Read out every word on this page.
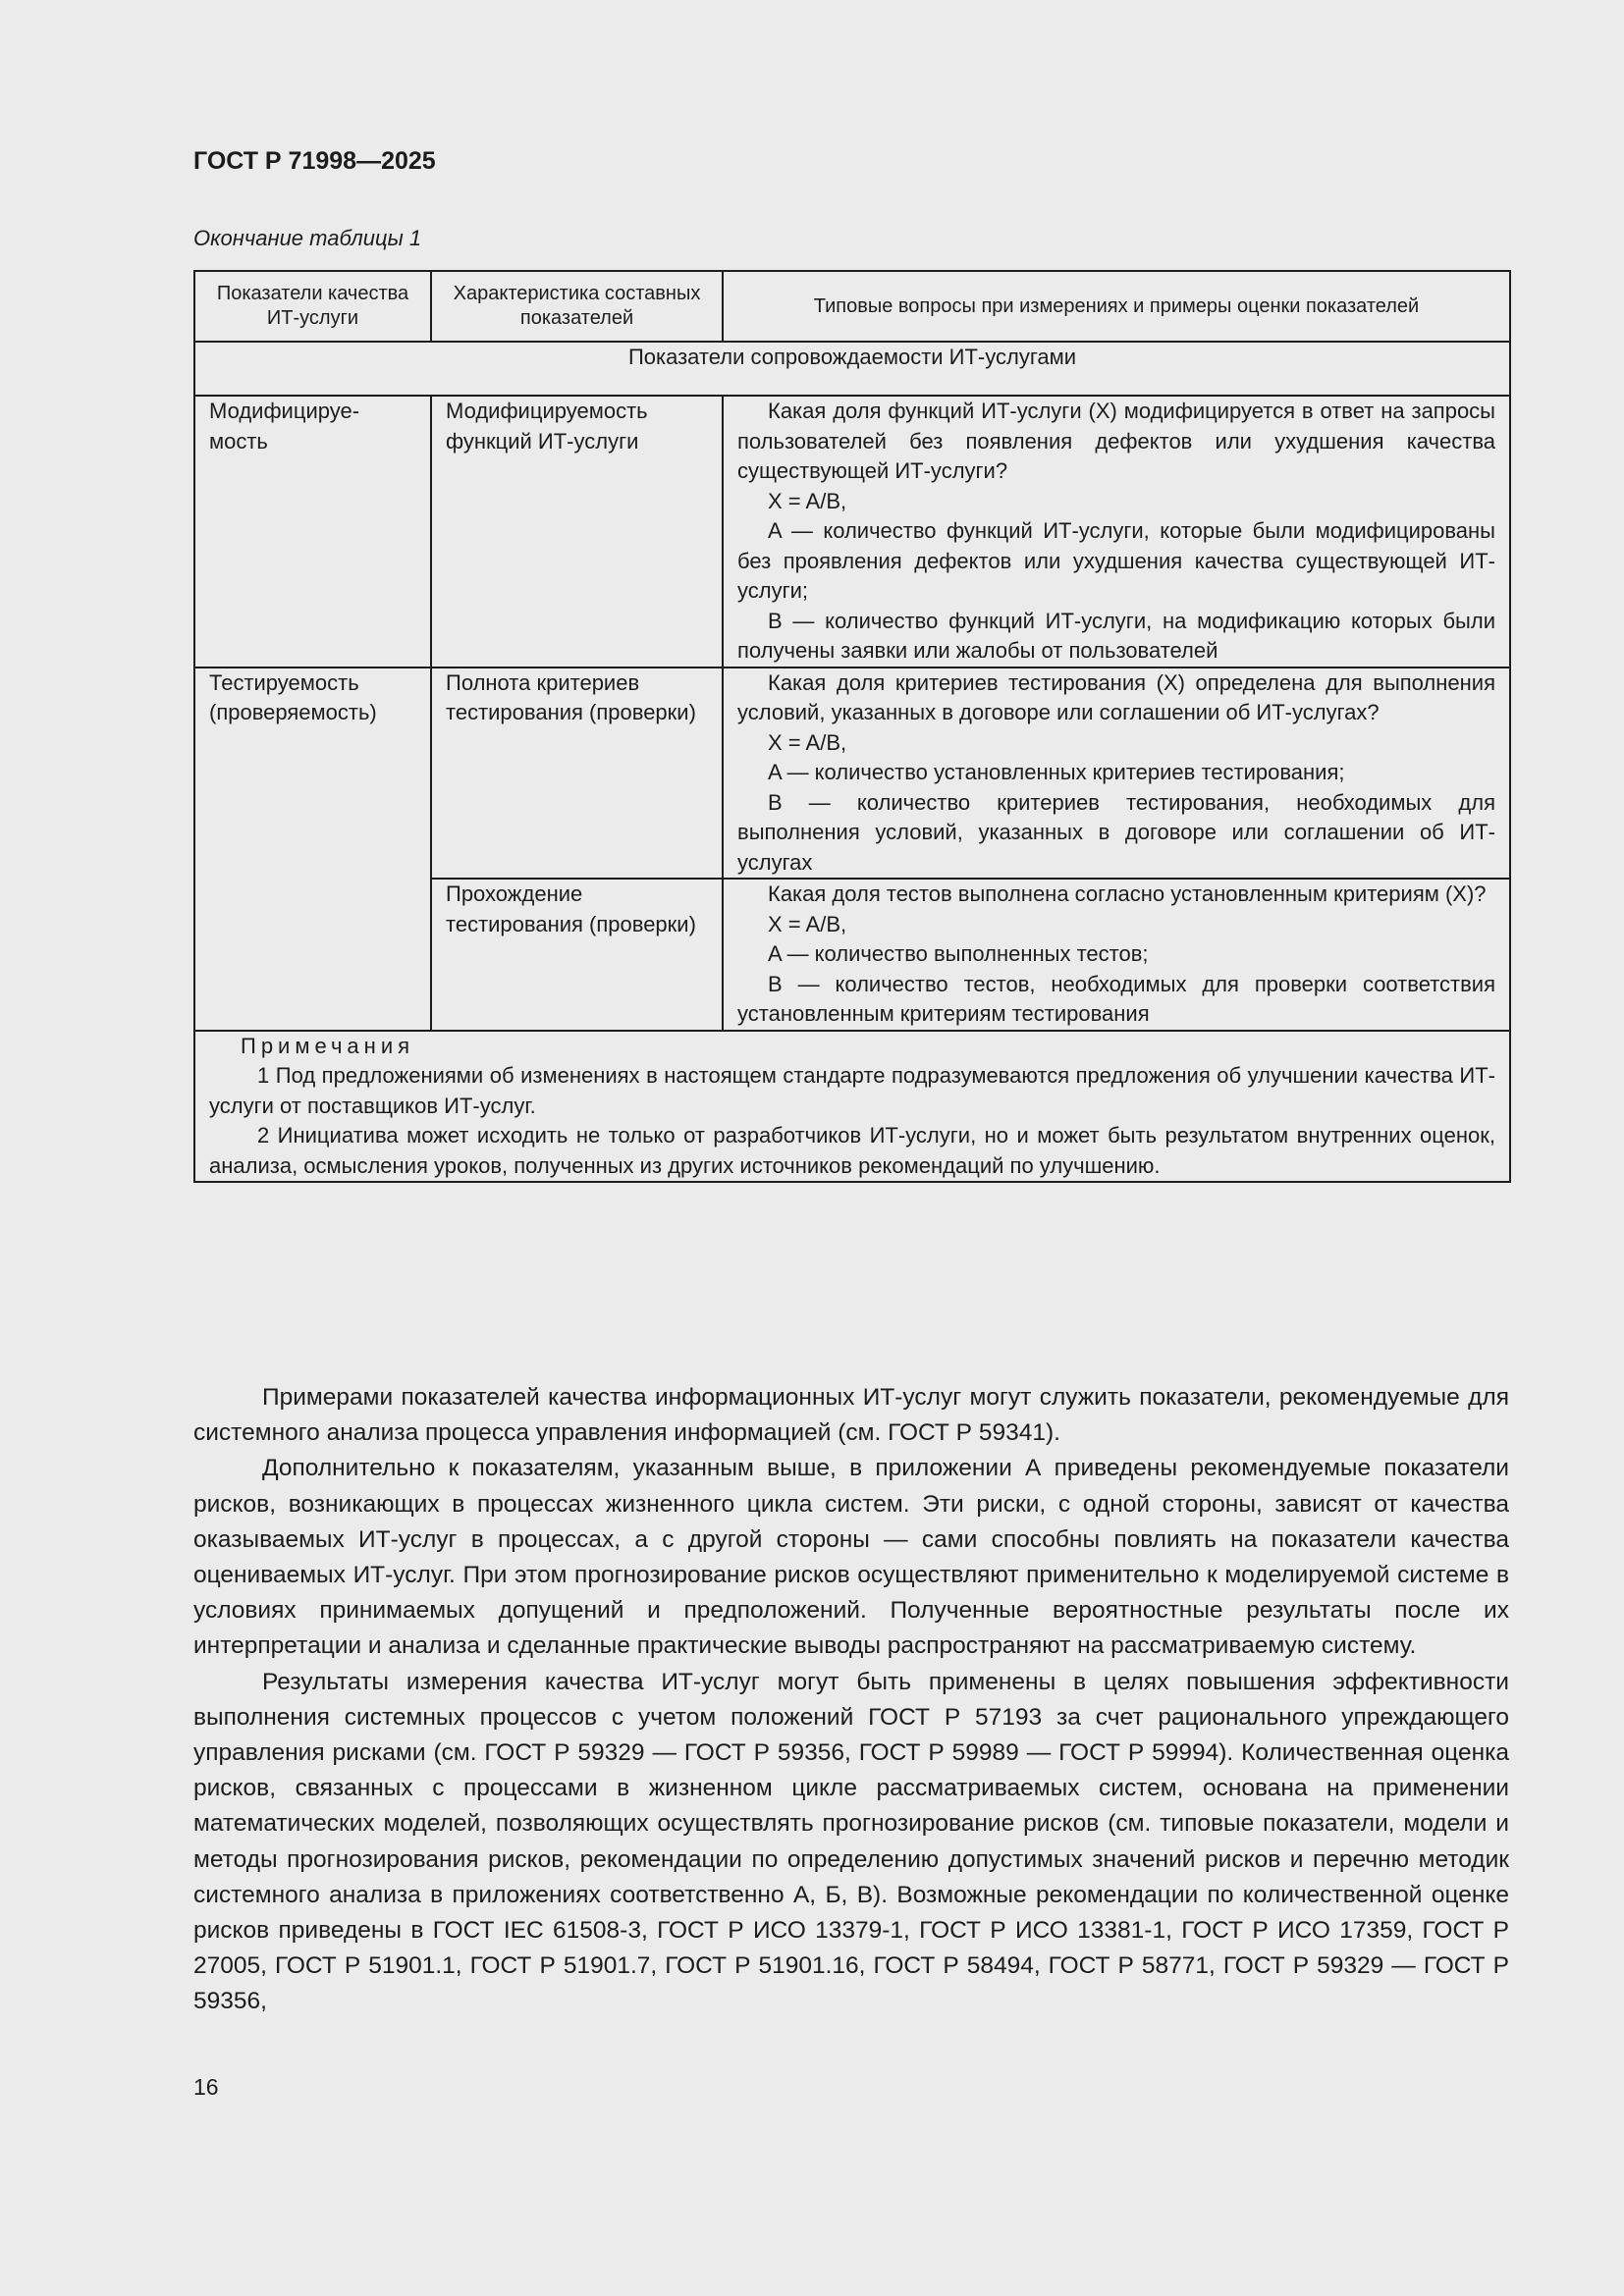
ГОСТ Р 71998—2025
Окончание таблицы 1
Показатели качества ИТ-услуги	Характеристика составных показателей	Типовые вопросы при измерениях и примеры оценки показателей
Показатели сопровождаемости ИТ-услугами		
Модифицируе-мость	Модифицируемость функций ИТ-услуги	Какая доля функций ИТ-услуги (X) модифицируется в ответ на запросы пользователей без появления дефектов или ухудшения качества существующей ИТ-услуги?

X = A/B,

A — количество функций ИТ-услуги, которые были модифицированы без проявления дефектов или ухудшения качества существующей ИТ-услуги;

B — количество функций ИТ-услуги, на модификацию которых были получены заявки или жалобы от пользователей

Тестируемость (проверяемость)	Полнота критериев тестирования (проверки)	Какая доля критериев тестирования (X) определена для выполнения условий, указанных в договоре или соглашении об ИТ-услугах?

X = A/B,

A — количество установленных критериев тестирования;

B — количество критериев тестирования, необходимых для выполнения условий, указанных в договоре или соглашении об ИТ-услугах

	Прохождение тестирования (проверки)	Какая доля тестов выполнена согласно установленным критериям (X)?

X = A/B,

A — количество выполненных тестов;

B — количество тестов, необходимых для проверки соответствия установленным критериям тестирования

Примечания

1 Под предложениями об изменениях в настоящем стандарте подразумеваются предложения об улучшении качества ИТ-услуги от поставщиков ИТ-услуг.

2 Инициатива может исходить не только от разработчиков ИТ-услуги, но и может быть результатом внутренних оценок, анализа, осмысления уроков, полученных из других источников рекомендаций по улучшению.		

Примерами показателей качества информационных ИТ-услуг могут служить показатели, рекомендуемые для системного анализа процесса управления информацией (см. ГОСТ Р 59341).

Дополнительно к показателям, указанным выше, в приложении А приведены рекомендуемые показатели рисков, возникающих в процессах жизненного цикла систем. Эти риски, с одной стороны, зависят от качества оказываемых ИТ-услуг в процессах, а с другой стороны — сами способны повлиять на показатели качества оцениваемых ИТ-услуг. При этом прогнозирование рисков осуществляют применительно к моделируемой системе в условиях принимаемых допущений и предположений. Полученные вероятностные результаты после их интерпретации и анализа и сделанные практические выводы распространяют на рассматриваемую систему.

Результаты измерения качества ИТ-услуг могут быть применены в целях повышения эффективности выполнения системных процессов с учетом положений ГОСТ Р 57193 за счет рационального упреждающего управления рисками (см. ГОСТ Р 59329 — ГОСТ Р 59356, ГОСТ Р 59989 — ГОСТ Р 59994). Количественная оценка рисков, связанных с процессами в жизненном цикле рассматриваемых систем, основана на применении математических моделей, позволяющих осуществлять прогнозирование рисков (см. типовые показатели, модели и методы прогнозирования рисков, рекомендации по определению допустимых значений рисков и перечню методик системного анализа в приложениях соответственно А, Б, В). Возможные рекомендации по количественной оценке рисков приведены в ГОСТ IEC 61508-3, ГОСТ Р ИСО 13379-1, ГОСТ Р ИСО 13381-1, ГОСТ Р ИСО 17359, ГОСТ Р 27005, ГОСТ Р 51901.1, ГОСТ Р 51901.7, ГОСТ Р 51901.16, ГОСТ Р 58494, ГОСТ Р 58771, ГОСТ Р 59329 — ГОСТ Р 59356,

16
